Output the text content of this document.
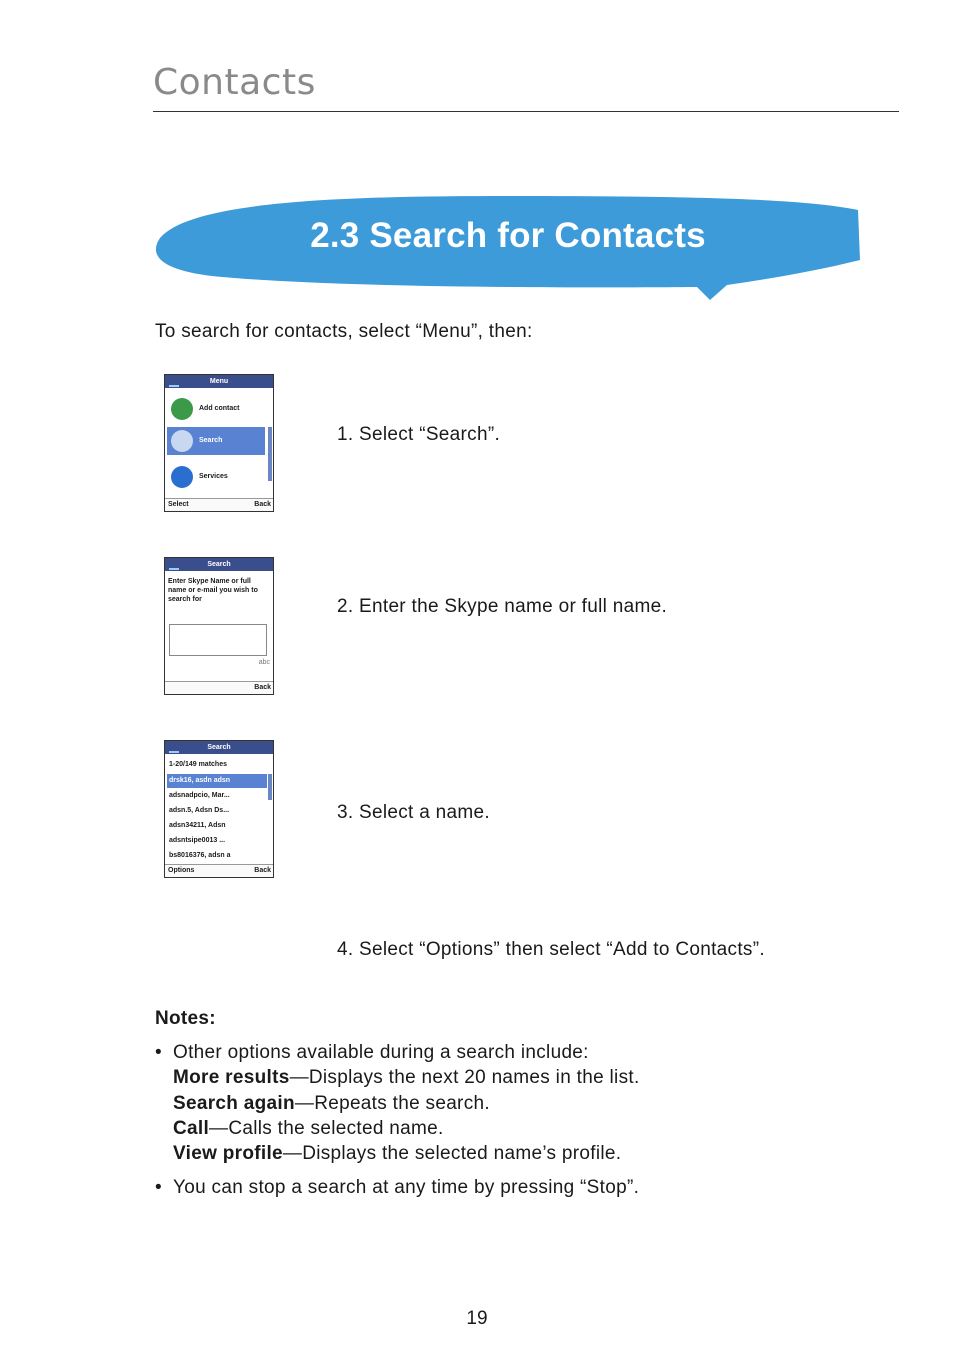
Contacts
2.3 Search for Contacts
To search for contacts, select “Menu”, then:
Menu
Add contact
Search
Services
Select	Back
Search
Enter Skype Name or full name or e-mail you wish to search for
abc
Back
Search
1-20/149 matches
drsk16, asdn adsn
adsnadpcio, Mar...
adsn.5, Adsn Ds...
adsn34211, Adsn
adsntsipe0013 ...
bs8016376, adsn a
Options	Back
1. Select “Search”.
2. Enter the Skype name or full name.
3. Select a name.
4. Select “Options” then select “Add to Contacts”.
Notes:
• Other options available during a search include:
More results—Displays the next 20 names in the list.
Search again—Repeats the search.
Call—Calls the selected name.
View profile—Displays the selected name’s profile.
• You can stop a search at any time by pressing “Stop”.
19
